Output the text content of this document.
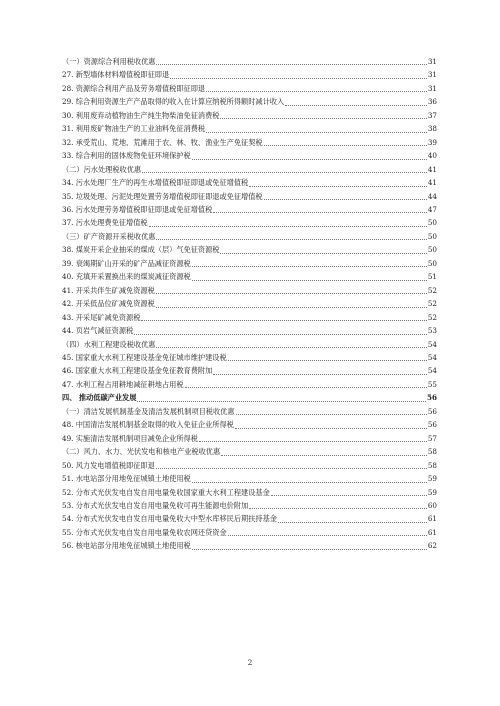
（一）资源综合利用税收优惠	31
27. 新型墙体材料增值税即征即退	31
28. 资源综合利用产品及劳务增值税即征即退	31
29. 综合利用资源生产产品取得的收入在计算应纳税所得额时减计收入	36
30. 利用废弃动植物油生产纯生物柴油免征消费税	37
31. 利用废矿物油生产的工业油料免征消费税	38
32. 承受荒山、荒地、荒滩用于农、林、牧、渔业生产免征契税	39
33. 综合利用的固体废物免征环境保护税	40
（二）污水处理税收优惠	41
34. 污水处理厂生产的再生水增值税即征即退或免征增值税	41
35. 垃圾处理、污泥处理处置劳务增值税即征即退或免征增值税	44
36. 污水处理劳务增值税即征即退或免征增值税	47
37. 污水处理费免征增值税	50
（三）矿产资源开采税收优惠	50
38. 煤炭开采企业抽采的煤成（层）气免征资源税	50
39. 衰竭期矿山开采的矿产品减征资源税	50
40. 充填开采置换出来的煤炭减征资源税	51
41. 开采共伴生矿减免资源税	52
42. 开采低品位矿减免资源税	52
43. 开采尾矿减免资源税	52
44. 页岩气减征资源税	53
（四）水利工程建设税收优惠	54
45. 国家重大水利工程建设基金免征城市维护建设税	54
46. 国家重大水利工程建设基金免征教育费附加	54
47. 水利工程占用耕地减征耕地占用税	55
四、 推动低碳产业发展	56
（一）清洁发展机制基金及清洁发展机制项目税收优惠	56
48. 中国清洁发展机制基金取得的收入免征企业所得税	56
49. 实施清洁发展机制项目减免企业所得税	57
（二）风力、水力、光伏发电和核电产业税收优惠	58
50. 风力发电增值税即征即退	58
51. 水电站部分用地免征城镇土地使用税	59
52. 分布式光伏发电自发自用电量免收国家重大水利工程建设基金	59
53. 分布式光伏发电自发自用电量免收可再生能源电价附加	60
54. 分布式光伏发电自发自用电量免收大中型水库移民后期扶持基金	61
55. 分布式光伏发电自发自用电量免收农网还贷资金	61
56. 核电站部分用地免征城镇土地使用税	62
2
